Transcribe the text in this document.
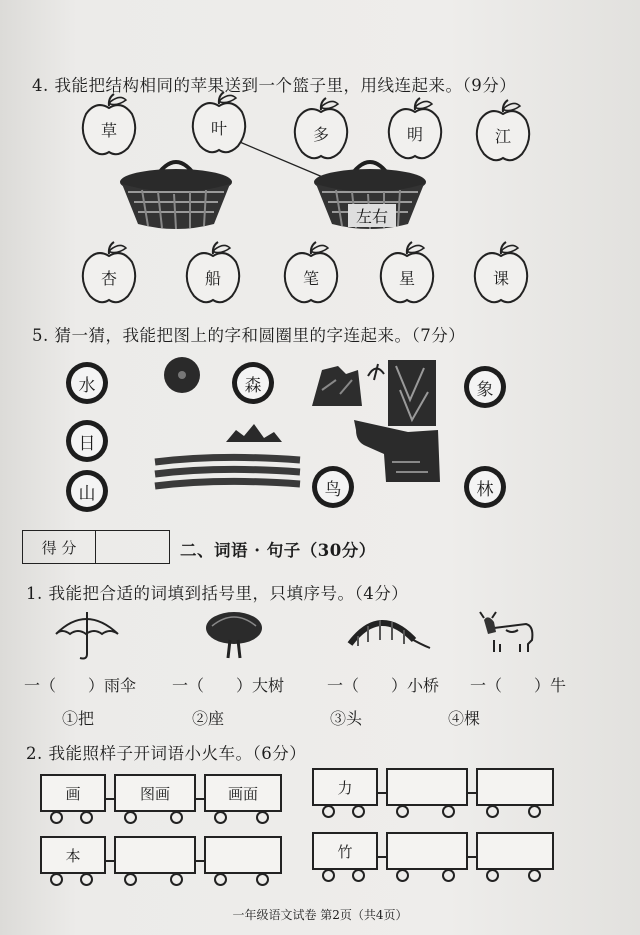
4. 我能把结构相同的苹果送到一个篮子里，用线连起来。（9分）
草	叶	多	明	江
左右
杏	船	笔	星	课
5. 猜一猜，我能把图上的字和圆圈里的字连起来。（7分）
水
日
山
森
鸟
象
林
得 分	二、词语 · 句子（30分）
1. 我能把合适的词填到括号里，只填序号。（4分）
一（　　）雨伞 一（　　）大树	一（　　）小桥 一（　　）牛
①把	②座	③头	④棵
2. 我能照样子开词语小火车。（6分）
画	图画	画面	力
本	竹
一年级语文试卷 第2页（共4页）
